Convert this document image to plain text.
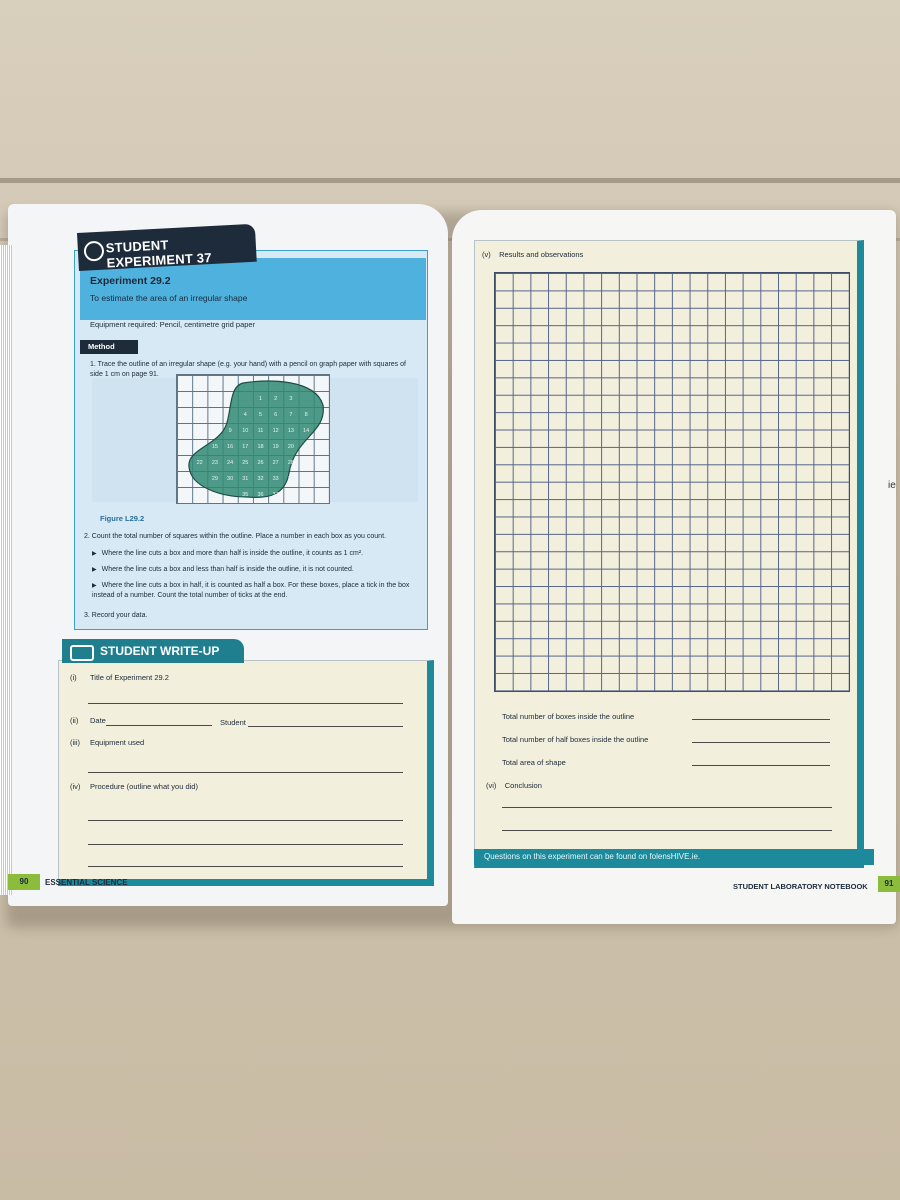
STUDENT EXPERIMENT 37
Experiment 29.2
To estimate the area of an irregular shape
Equipment required: Pencil, centimetre grid paper
Method
1. Trace the outline of an irregular shape (e.g. your hand) with a pencil on graph paper with squares of side 1 cm on page 91.
1	2	3
4	5	6	7	8
9	10	11	12	13	14
15	16	17	18	19	20	21
22	23	24	25	26	27	28
29	30	31	32	33	34
35	36	37
Figure L29.2
2. Count the total number of squares within the outline. Place a number in each box as you count.
▶ Where the line cuts a box and more than half is inside the outline, it counts as 1 cm².
▶ Where the line cuts a box and less than half is inside the outline, it is not counted.
▶ Where the line cuts a box in half, it is counted as half a box. For these boxes, place a tick in the box instead of a number. Count the total number of ticks at the end.
3. Record your data.
STUDENT WRITE-UP
(i) Title of Experiment 29.2
(ii) Date	Student
(iii) Equipment used
(iv) Procedure (outline what you did)
90	ESSENTIAL SCIENCE
(v) Results and observations
Total number of boxes inside the outline
Total number of half boxes inside the outline
Total area of shape
(vi) Conclusion
Questions on this experiment can be found on folensHIVE.ie.
STUDENT LABORATORY NOTEBOOK	91
ie
